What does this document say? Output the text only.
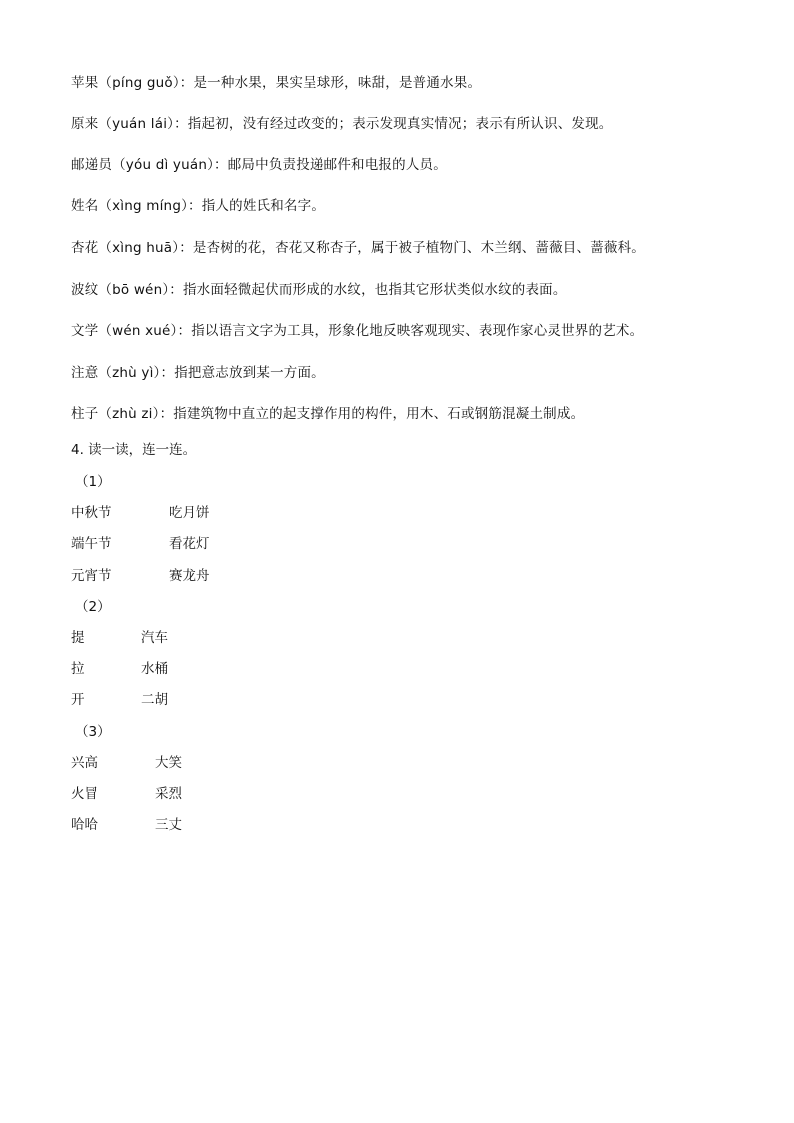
苹果（píng guǒ）：是一种水果，果实呈球形，味甜，是普通水果。
原来（yuán lái）：指起初，没有经过改变的；表示发现真实情况；表示有所认识、发现。
邮递员（yóu dì yuán）：邮局中负责投递邮件和电报的人员。
姓名（xìng míng）：指人的姓氏和名字。
杏花（xìng huā）：是杏树的花，杏花又称杏子，属于被子植物门、木兰纲、蔷薇目、蔷薇科。
波纹（bō wén）：指水面轻微起伏而形成的水纹，也指其它形状类似水纹的表面。
文学（wén xué）：指以语言文字为工具，形象化地反映客观现实、表现作家心灵世界的艺术。
注意（zhù yì）：指把意志放到某一方面。
柱子（zhù zi）：指建筑物中直立的起支撑作用的构件，用木、石或钢筋混凝土制成。
4. 读一读，连一连。
（1）
中秋节	吃月饼
端午节	看花灯
元宵节	赛龙舟
（2）
提	汽车
拉	水桶
开	二胡
（3）
兴高	大笑
火冒	采烈
哈哈	三丈
